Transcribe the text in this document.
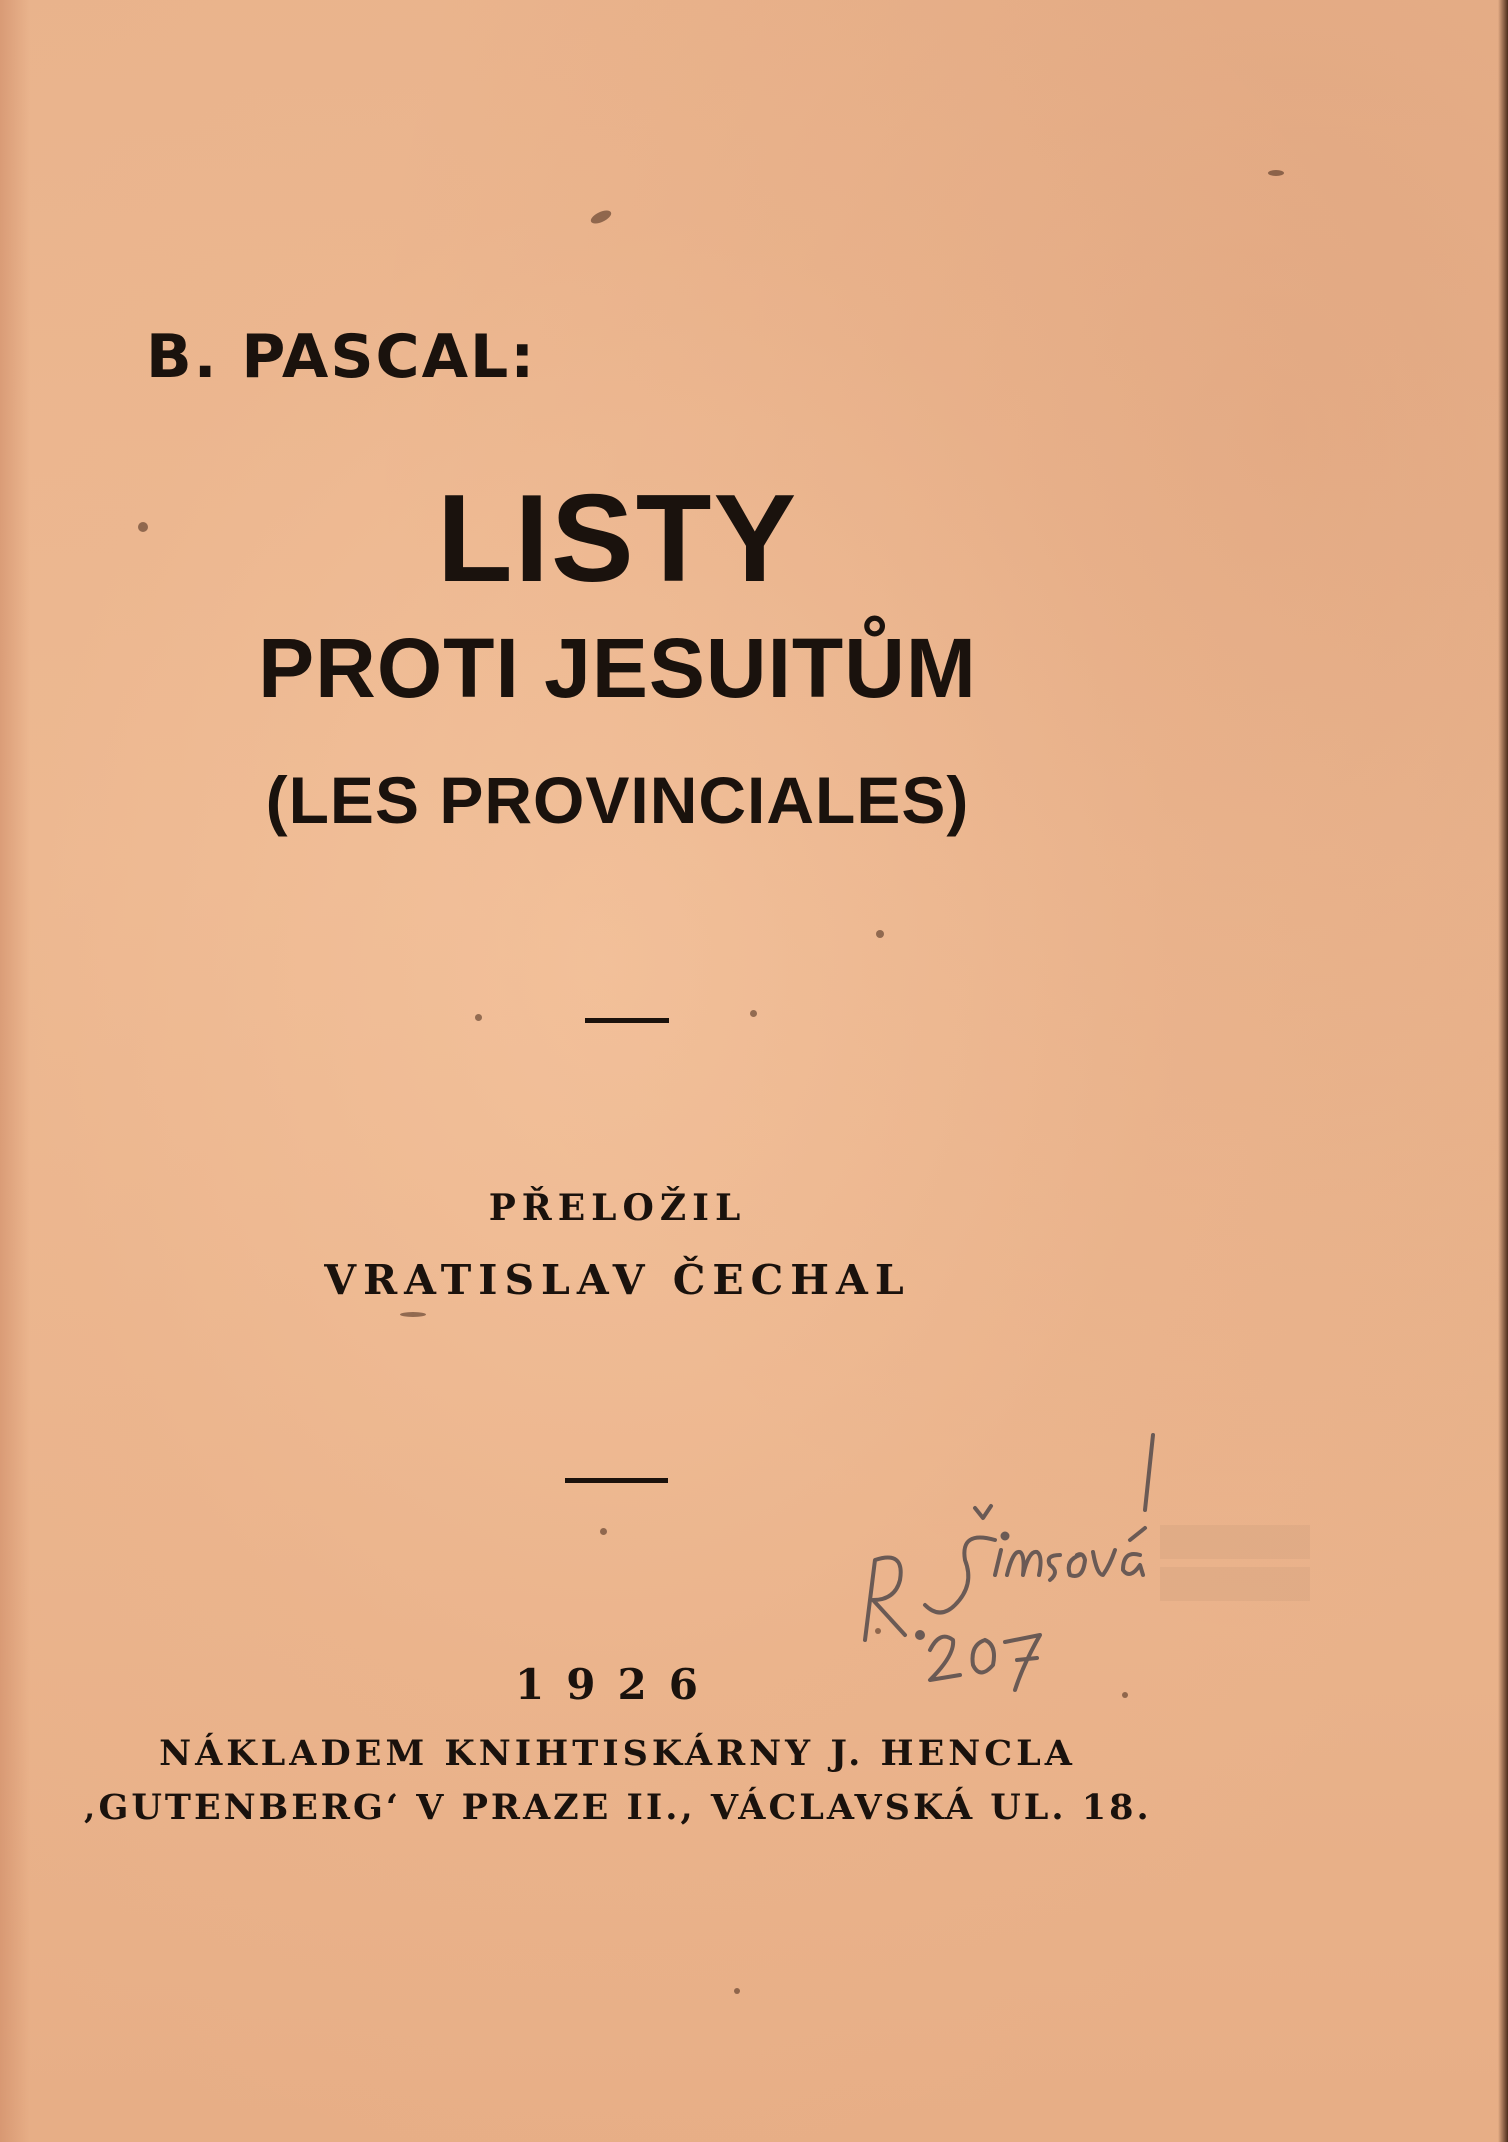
B. PASCAL:

LISTY

PROTI JESUITŮM

(LES PROVINCIALES)

PŘELOŽIL

VRATISLAV ČECHAL

1926

NÁKLADEM KNIHTISKÁRNY J. HENCLA

‚GUTENBERG‘ V PRAZE II., VÁCLAVSKÁ UL. 18.
